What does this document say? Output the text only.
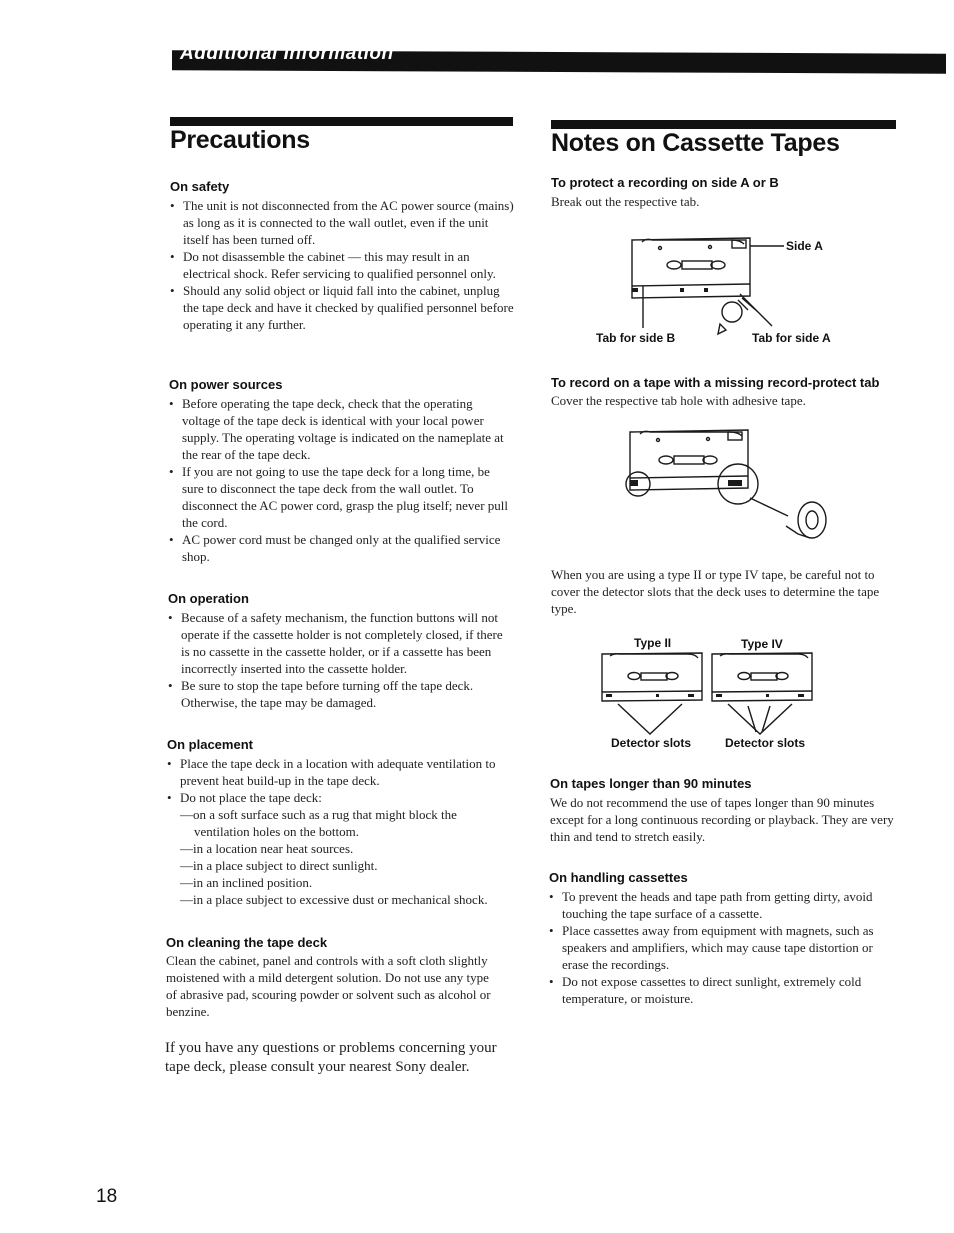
Additional Information
Precautions
On safety
• The unit is not disconnected from the AC power source (mains) as long as it is connected to the wall outlet, even if the unit itself has been turned off.
• Do not disassemble the cabinet — this may result in an electrical shock. Refer servicing to qualified personnel only.
• Should any solid object or liquid fall into the cabinet, unplug the tape deck and have it checked by qualified personnel before operating it any further.
On power sources
• Before operating the tape deck, check that the operating voltage of the tape deck is identical with your local power supply. The operating voltage is indicated on the nameplate at the rear of the tape deck.
• If you are not going to use the tape deck for a long time, be sure to disconnect the tape deck from the wall outlet. To disconnect the AC power cord, grasp the plug itself; never pull the cord.
• AC power cord must be changed only at the qualified service shop.
On operation
• Because of a safety mechanism, the function buttons will not operate if the cassette holder is not completely closed, if there is no cassette in the cassette holder, or if a cassette has been incorrectly inserted into the cassette holder.
• Be sure to stop the tape before turning off the tape deck. Otherwise, the tape may be damaged.
On placement
• Place the tape deck in a location with adequate ventilation to prevent heat build-up in the tape deck.
• Do not place the tape deck:
— on a soft surface such as a rug that might block the ventilation holes on the bottom.
— in a location near heat sources.
— in a place subject to direct sunlight.
— in an inclined position.
— in a place subject to excessive dust or mechanical shock.
On cleaning the tape deck
Clean the cabinet, panel and controls with a soft cloth slightly moistened with a mild detergent solution. Do not use any type of abrasive pad, scouring powder or solvent such as alcohol or benzine.
If you have any questions or problems concerning your tape deck, please consult your nearest Sony dealer.
Notes on Cassette Tapes
To protect a recording on side A or B
Break out the respective tab.
Side A
Tab for side B	Tab for side A
To record on a tape with a missing record-protect tab
Cover the respective tab hole with adhesive tape.
When you are using a type II or type IV tape, be careful not to cover the detector slots that the deck uses to determine the tape type.
Type II	Type IV
Detector slots	Detector slots
On tapes longer than 90 minutes
We do not recommend the use of tapes longer than 90 minutes except for a long continuous recording or playback. They are very thin and tend to stretch easily.
On handling cassettes
• To prevent the heads and tape path from getting dirty, avoid touching the tape surface of a cassette.
• Place cassettes away from equipment with magnets, such as speakers and amplifiers, which may cause tape distortion or erase the recordings.
• Do not expose cassettes to direct sunlight, extremely cold temperature, or moisture.
18
